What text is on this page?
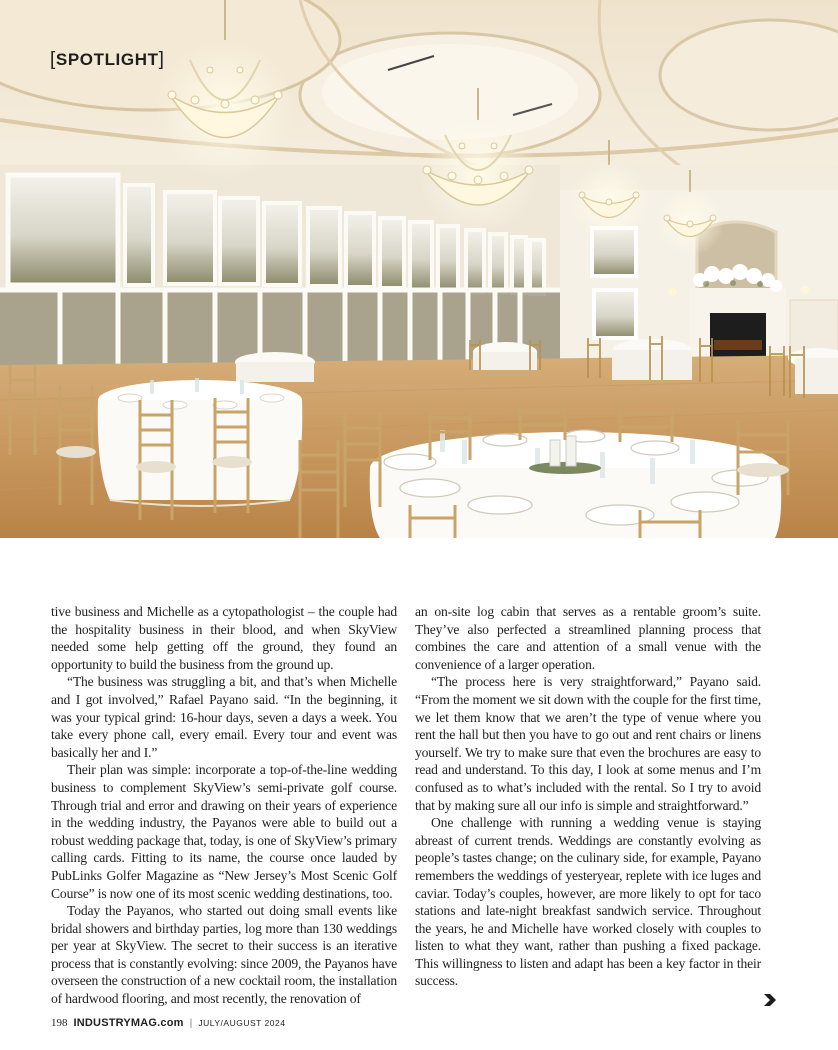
[SPOTLIGHT]

tive business and Michelle as a cytopathologist – the couple had the hospitality business in their blood, and when SkyView needed some help getting off the ground, they found an opportunity to build the business from the ground up.

“The business was struggling a bit, and that’s when Michelle and I got involved,” Rafael Payano said. “In the beginning, it was your typical grind: 16-hour days, seven a days a week. You take every phone call, every email. Every tour and event was basically her and I.”

Their plan was simple: incorporate a top-of-the-line wedding business to complement SkyView’s semi-private golf course. Through trial and error and drawing on their years of experience in the wedding industry, the Payanos were able to build out a robust wedding package that, today, is one of SkyView’s primary calling cards. Fitting to its name, the course once lauded by PubLinks Golfer Magazine as “New Jersey’s Most Scenic Golf Course” is now one of its most scenic wedding destinations, too.

Today the Payanos, who started out doing small events like bridal showers and birthday parties, log more than 130 weddings per year at SkyView. The secret to their success is an iterative process that is constantly evolving: since 2009, the Payanos have overseen the construction of a new cocktail room, the installation of hardwood flooring, and most recently, the renovation of

an on-site log cabin that serves as a rentable groom’s suite. They’ve also perfected a streamlined planning process that combines the care and attention of a small venue with the convenience of a larger operation.

“The process here is very straightforward,” Payano said. “From the moment we sit down with the couple for the first time, we let them know that we aren’t the type of venue where you rent the hall but then you have to go out and rent chairs or linens yourself. We try to make sure that even the brochures are easy to read and understand. To this day, I look at some menus and I’m confused as to what’s included with the rental. So I try to avoid that by making sure all our info is simple and straightforward.”

One challenge with running a wedding venue is staying abreast of current trends. Weddings are constantly evolving as people’s tastes change; on the culinary side, for example, Payano remembers the weddings of yesteryear, replete with ice luges and caviar. Today’s couples, however, are more likely to opt for taco stations and late-night breakfast sandwich service. Throughout the years, he and Michelle have worked closely with couples to listen to what they want, rather than pushing a fixed package. This willingness to listen and adapt has been a key factor in their success.

198 INDUSTRYMAG.com | JULY/AUGUST 2024
